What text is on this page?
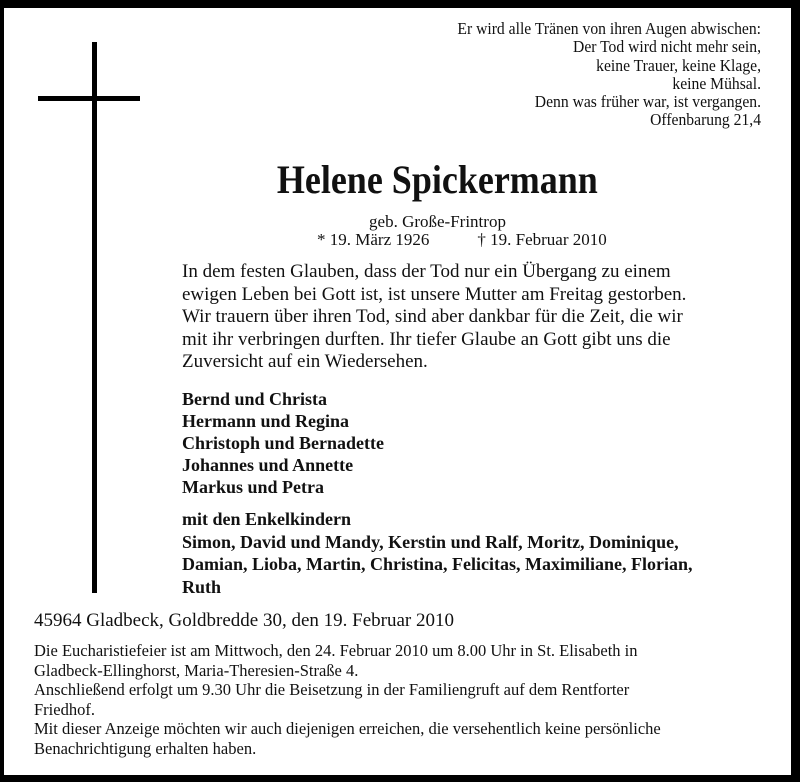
Er wird alle Tränen von ihren Augen abwischen:
Der Tod wird nicht mehr sein,
keine Trauer, keine Klage,
keine Mühsal.
Denn was früher war, ist vergangen.
Offenbarung 21,4
Helene Spickermann
geb. Große-Frintrop
* 19. März 1926	† 19. Februar 2010

In dem festen Glauben, dass der Tod nur ein Übergang zu einem

ewigen Leben bei Gott ist, ist unsere Mutter am Freitag gestorben.

Wir trauern über ihren Tod, sind aber dankbar für die Zeit, die wir

mit ihr verbringen durften. Ihr tiefer Glaube an Gott gibt uns die

Zuversicht auf ein Wiedersehen.

Bernd und Christa
Hermann und Regina
Christoph und Bernadette
Johannes und Annette
Markus und Petra
mit den Enkelkindern
Simon, David und Mandy, Kerstin und Ralf, Moritz, Dominique,
Damian, Lioba, Martin, Christina, Felicitas, Maximiliane, Florian,
Ruth
45964 Gladbeck, Goldbredde 30, den 19. Februar 2010
Die Eucharistiefeier ist am Mittwoch, den 24. Februar 2010 um 8.00 Uhr in St. Elisabeth in
Gladbeck-Ellinghorst, Maria-Theresien-Straße 4.
Anschließend erfolgt um 9.30 Uhr die Beisetzung in der Familiengruft auf dem Rentforter
Friedhof.
Mit dieser Anzeige möchten wir auch diejenigen erreichen, die versehentlich keine persönliche
Benachrichtigung erhalten haben.
